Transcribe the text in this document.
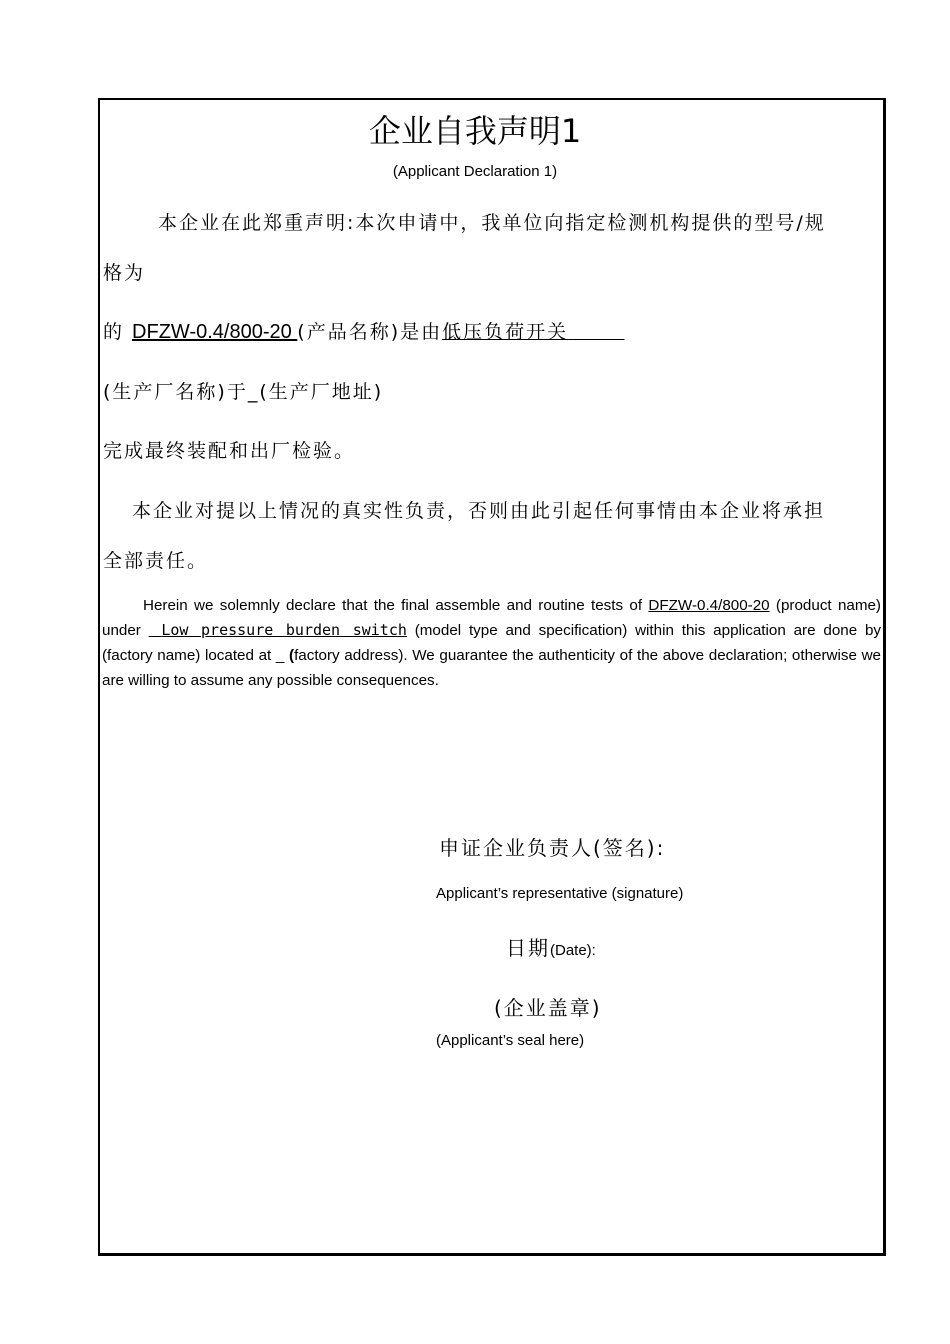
企业自我声明1
(Applicant Declaration 1)
本企业在此郑重声明:本次申请中，我单位向指定检测机构提供的型号/规
格为
的 DFZW-0.4/800-20 (产品名称)是由低压负荷开关
(生产厂名称)于_(生产厂地址)
完成最终装配和出厂检验。
本企业对提以上情况的真实性负责，否则由此引起任何事情由本企业将承担
全部责任。
Herein we solemnly declare that the final assemble and routine tests of DFZW-0.4/800-20 (product name) under  Low pressure burden switch (model type and specification) within this application are done by (factory name) located at _ (factory address). We guarantee the authenticity of the above declaration; otherwise we are willing to assume any possible consequences.
申证企业负责人(签名):
Applicant’s representative (signature)
日期(Date):
(企业盖章)
(Applicant’s seal here)
